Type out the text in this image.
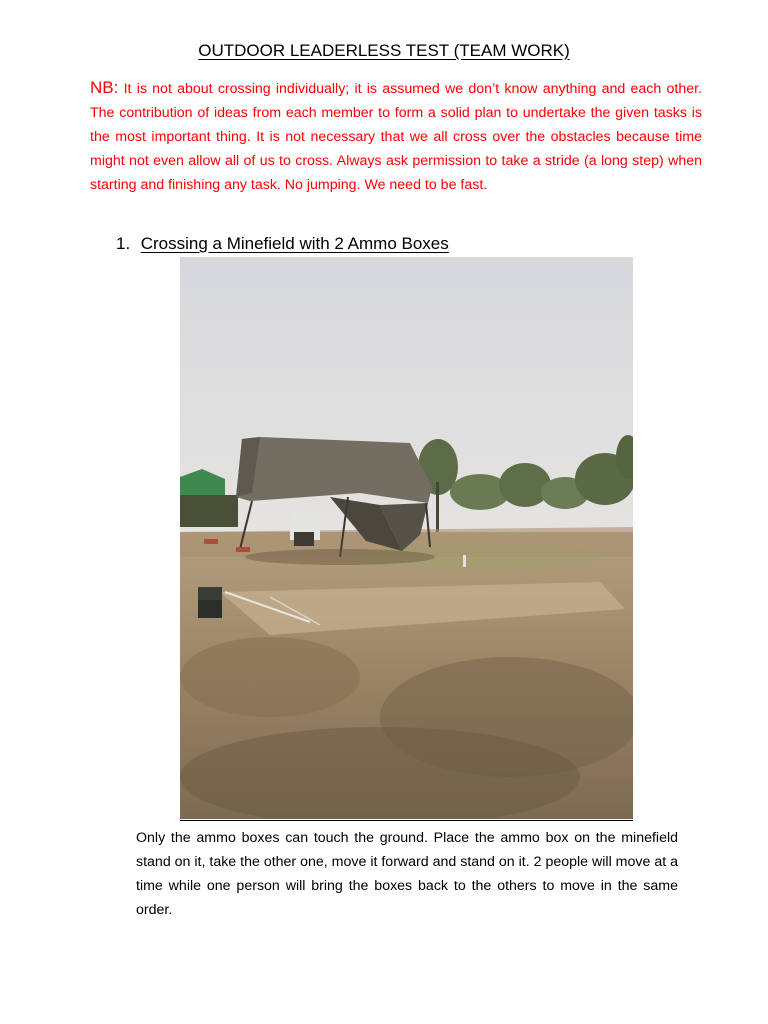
OUTDOOR LEADERLESS TEST (TEAM WORK)
NB: It is not about crossing individually; it is assumed we don’t know anything and each other. The contribution of ideas from each member to form a solid plan to undertake the given tasks is the most important thing. It is not necessary that we all cross over the obstacles because time might not even allow all of us to cross. Always ask permission to take a stride (a long step) when starting and finishing any task. No jumping. We need to be fast.
1. Crossing a Minefield with 2 Ammo Boxes
Only the ammo boxes can touch the ground. Place the ammo box on the minefield stand on it, take the other one, move it forward and stand on it. 2 people will move at a time while one person will bring the boxes back to the others to move in the same order.
